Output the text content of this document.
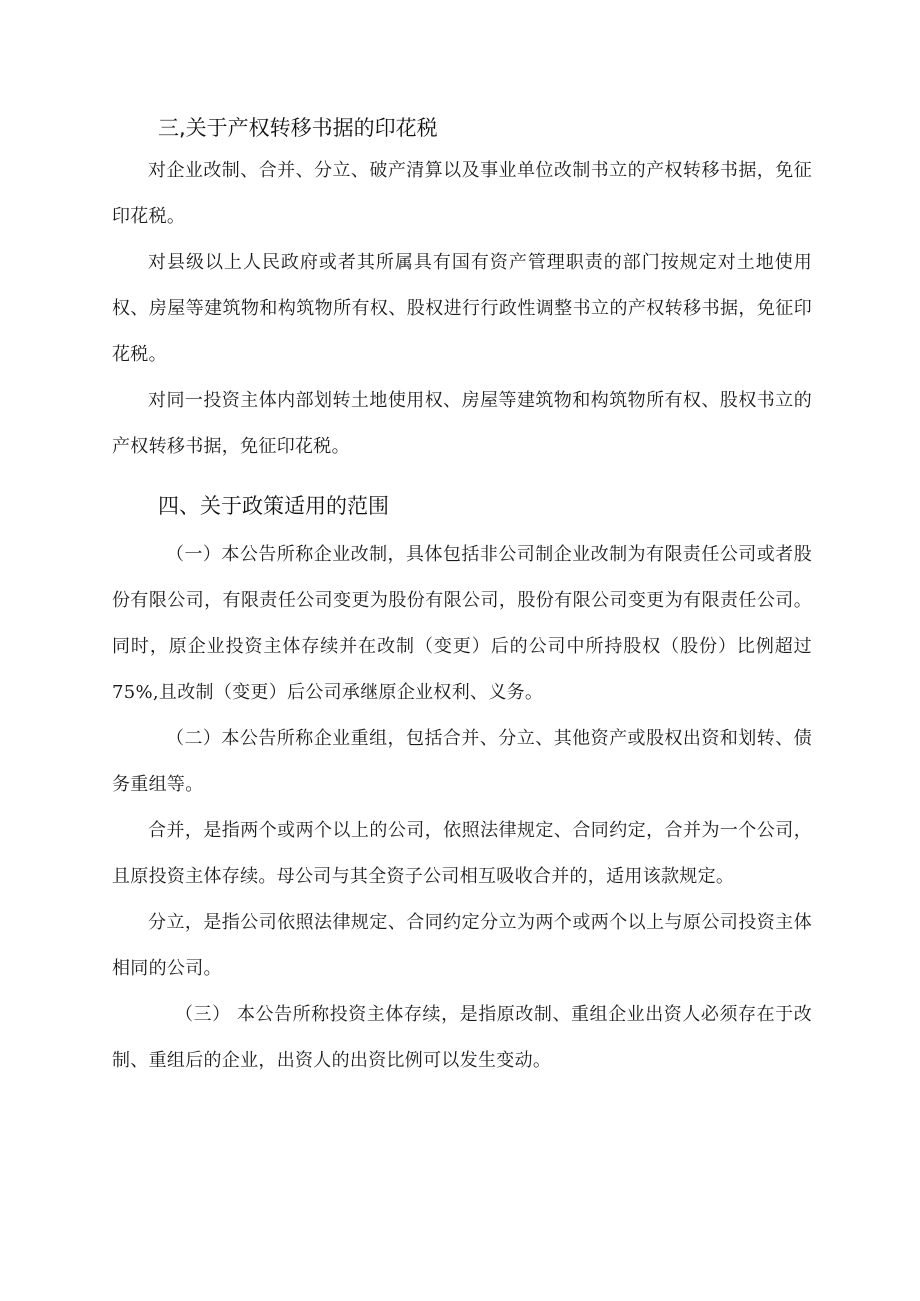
三,关于产权转移书据的印花税

对企业改制、合并、分立、破产清算以及事业单位改制书立的产权转移书据，免征印花税。

对县级以上人民政府或者其所属具有国有资产管理职责的部门按规定对土地使用权、房屋等建筑物和构筑物所有权、股权进行行政性调整书立的产权转移书据，免征印花税。

对同一投资主体内部划转土地使用权、房屋等建筑物和构筑物所有权、股权书立的产权转移书据，免征印花税。

四、关于政策适用的范围

（一）本公告所称企业改制，具体包括非公司制企业改制为有限责任公司或者股份有限公司，有限责任公司变更为股份有限公司，股份有限公司变更为有限责任公司。同时，原企业投资主体存续并在改制（变更）后的公司中所持股权（股份）比例超过75%,且改制（变更）后公司承继原企业权利、义务。

（二）本公告所称企业重组，包括合并、分立、其他资产或股权出资和划转、债务重组等。

合并，是指两个或两个以上的公司，依照法律规定、合同约定，合并为一个公司，且原投资主体存续。母公司与其全资子公司相互吸收合并的，适用该款规定。

分立，是指公司依照法律规定、合同约定分立为两个或两个以上与原公司投资主体相同的公司。

（三） 本公告所称投资主体存续，是指原改制、重组企业出资人必须存在于改制、重组后的企业，出资人的出资比例可以发生变动。
